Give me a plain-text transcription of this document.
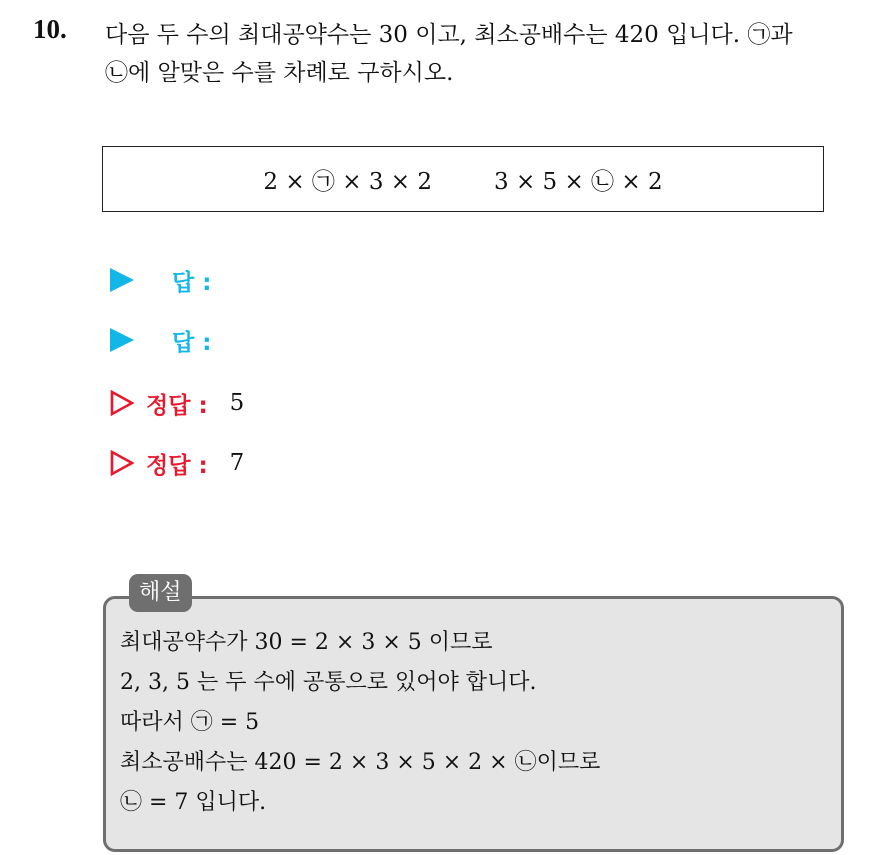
10. 다음 두 수의 최대공약수는 30 이고, 최소공배수는 420 입니다. ㉠과
㉡에 알맞은 수를 차례로 구하시오.
2 × ㉠ × 3 × 2	3 × 5 × ㉡ × 2
답 :
답 :
정답 : 5
정답 : 7
최대공약수가 30 = 2 × 3 × 5 이므로
2, 3, 5 는 두 수에 공통으로 있어야 합니다.
따라서 ㉠ = 5
최소공배수는 420 = 2 × 3 × 5 × 2 × ㉡이므로
㉡ = 7 입니다.
해설
